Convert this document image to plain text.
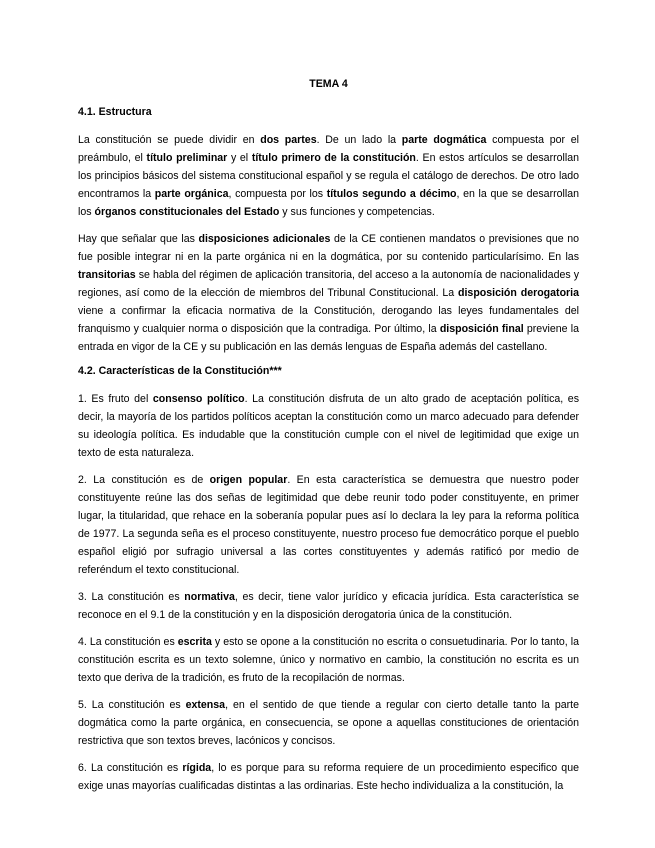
TEMA 4
4.1. Estructura

La constitución se puede dividir en dos partes. De un lado la parte dogmática compuesta por el preámbulo, el título preliminar y el título primero de la constitución. En estos artículos se desarrollan los principios básicos del sistema constitucional español y se regula el catálogo de derechos. De otro lado encontramos la parte orgánica, compuesta por los títulos segundo a décimo, en la que se desarrollan los órganos constitucionales del Estado y sus funciones y competencias.

Hay que señalar que las disposiciones adicionales de la CE contienen mandatos o previsiones que no fue posible integrar ni en la parte orgánica ni en la dogmática, por su contenido particularísimo. En las transitorias se habla del régimen de aplicación transitoria, del acceso a la autonomía de nacionalidades y regiones, así como de la elección de miembros del Tribunal Constitucional. La disposición derogatoria viene a confirmar la eficacia normativa de la Constitución, derogando las leyes fundamentales del franquismo y cualquier norma o disposición que la contradiga. Por último, la disposición final previene la entrada en vigor de la CE y su publicación en las demás lenguas de España además del castellano.

4.2. Características de la Constitución***

1. Es fruto del consenso político. La constitución disfruta de un alto grado de aceptación política, es decir, la mayoría de los partidos políticos aceptan la constitución como un marco adecuado para defender su ideología política. Es indudable que la constitución cumple con el nivel de legitimidad que exige un texto de esta naturaleza.

2. La constitución es de origen popular. En esta característica se demuestra que nuestro poder constituyente reúne las dos señas de legitimidad que debe reunir todo poder constituyente, en primer lugar, la titularidad, que rehace en la soberanía popular pues así lo declara la ley para la reforma política de 1977. La segunda seña es el proceso constituyente, nuestro proceso fue democrático porque el pueblo español eligió por sufragio universal a las cortes constituyentes y además ratificó por medio de referéndum el texto constitucional.

3. La constitución es normativa, es decir, tiene valor jurídico y eficacia jurídica. Esta característica se reconoce en el 9.1 de la constitución y en la disposición derogatoria única de la constitución.

4. La constitución es escrita y esto se opone a la constitución no escrita o consuetudinaria. Por lo tanto, la constitución escrita es un texto solemne, único y normativo en cambio, la constitución no escrita es un texto que deriva de la tradición, es fruto de la recopilación de normas.

5. La constitución es extensa, en el sentido de que tiende a regular con cierto detalle tanto la parte dogmática como la parte orgánica, en consecuencia, se opone a aquellas constituciones de orientación restrictiva que son textos breves, lacónicos y concisos.

6. La constitución es rígida, lo es porque para su reforma requiere de un procedimiento especifico que exige unas mayorías cualificadas distintas a las ordinarias. Este hecho individualiza a la constitución, la
